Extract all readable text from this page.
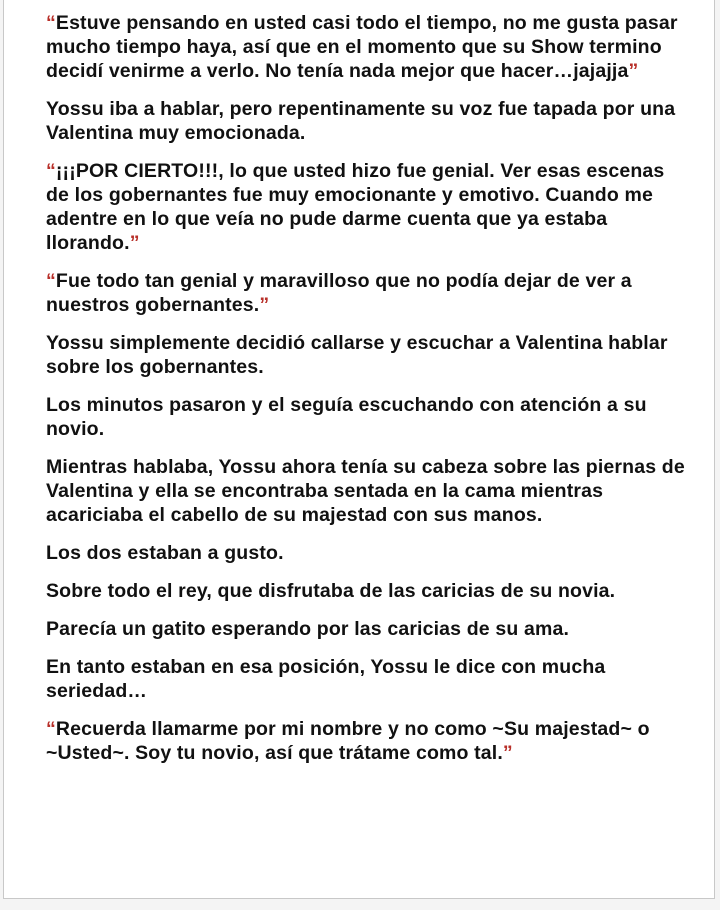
“Estuve pensando en usted casi todo el tiempo, no me gusta pasar mucho tiempo haya, así que en el momento que su Show termino decidí venirme a verlo. No tenía nada mejor que hacer…jajajja”

Yossu iba a hablar, pero repentinamente su voz fue tapada por una Valentina muy emocionada.

“¡¡¡POR CIERTO!!!, lo que usted hizo fue genial. Ver esas escenas de los gobernantes fue muy emocionante y emotivo. Cuando me adentre en lo que veía no pude darme cuenta que ya estaba llorando.”

“Fue todo tan genial y maravilloso que no podía dejar de ver a nuestros gobernantes.”

Yossu simplemente decidió callarse y escuchar a Valentina hablar sobre los gobernantes.

Los minutos pasaron y el seguía escuchando con atención a su novio.

Mientras hablaba, Yossu ahora tenía su cabeza sobre las piernas de Valentina y ella se encontraba sentada en la cama mientras acariciaba el cabello de su majestad con sus manos.

Los dos estaban a gusto.

Sobre todo el rey, que disfrutaba de las caricias de su novia.

Parecía un gatito esperando por las caricias de su ama.

En tanto estaban en esa posición, Yossu le dice con mucha seriedad…

“Recuerda llamarme por mi nombre y no como ~Su majestad~ o ~Usted~. Soy tu novio, así que trátame como tal.”
